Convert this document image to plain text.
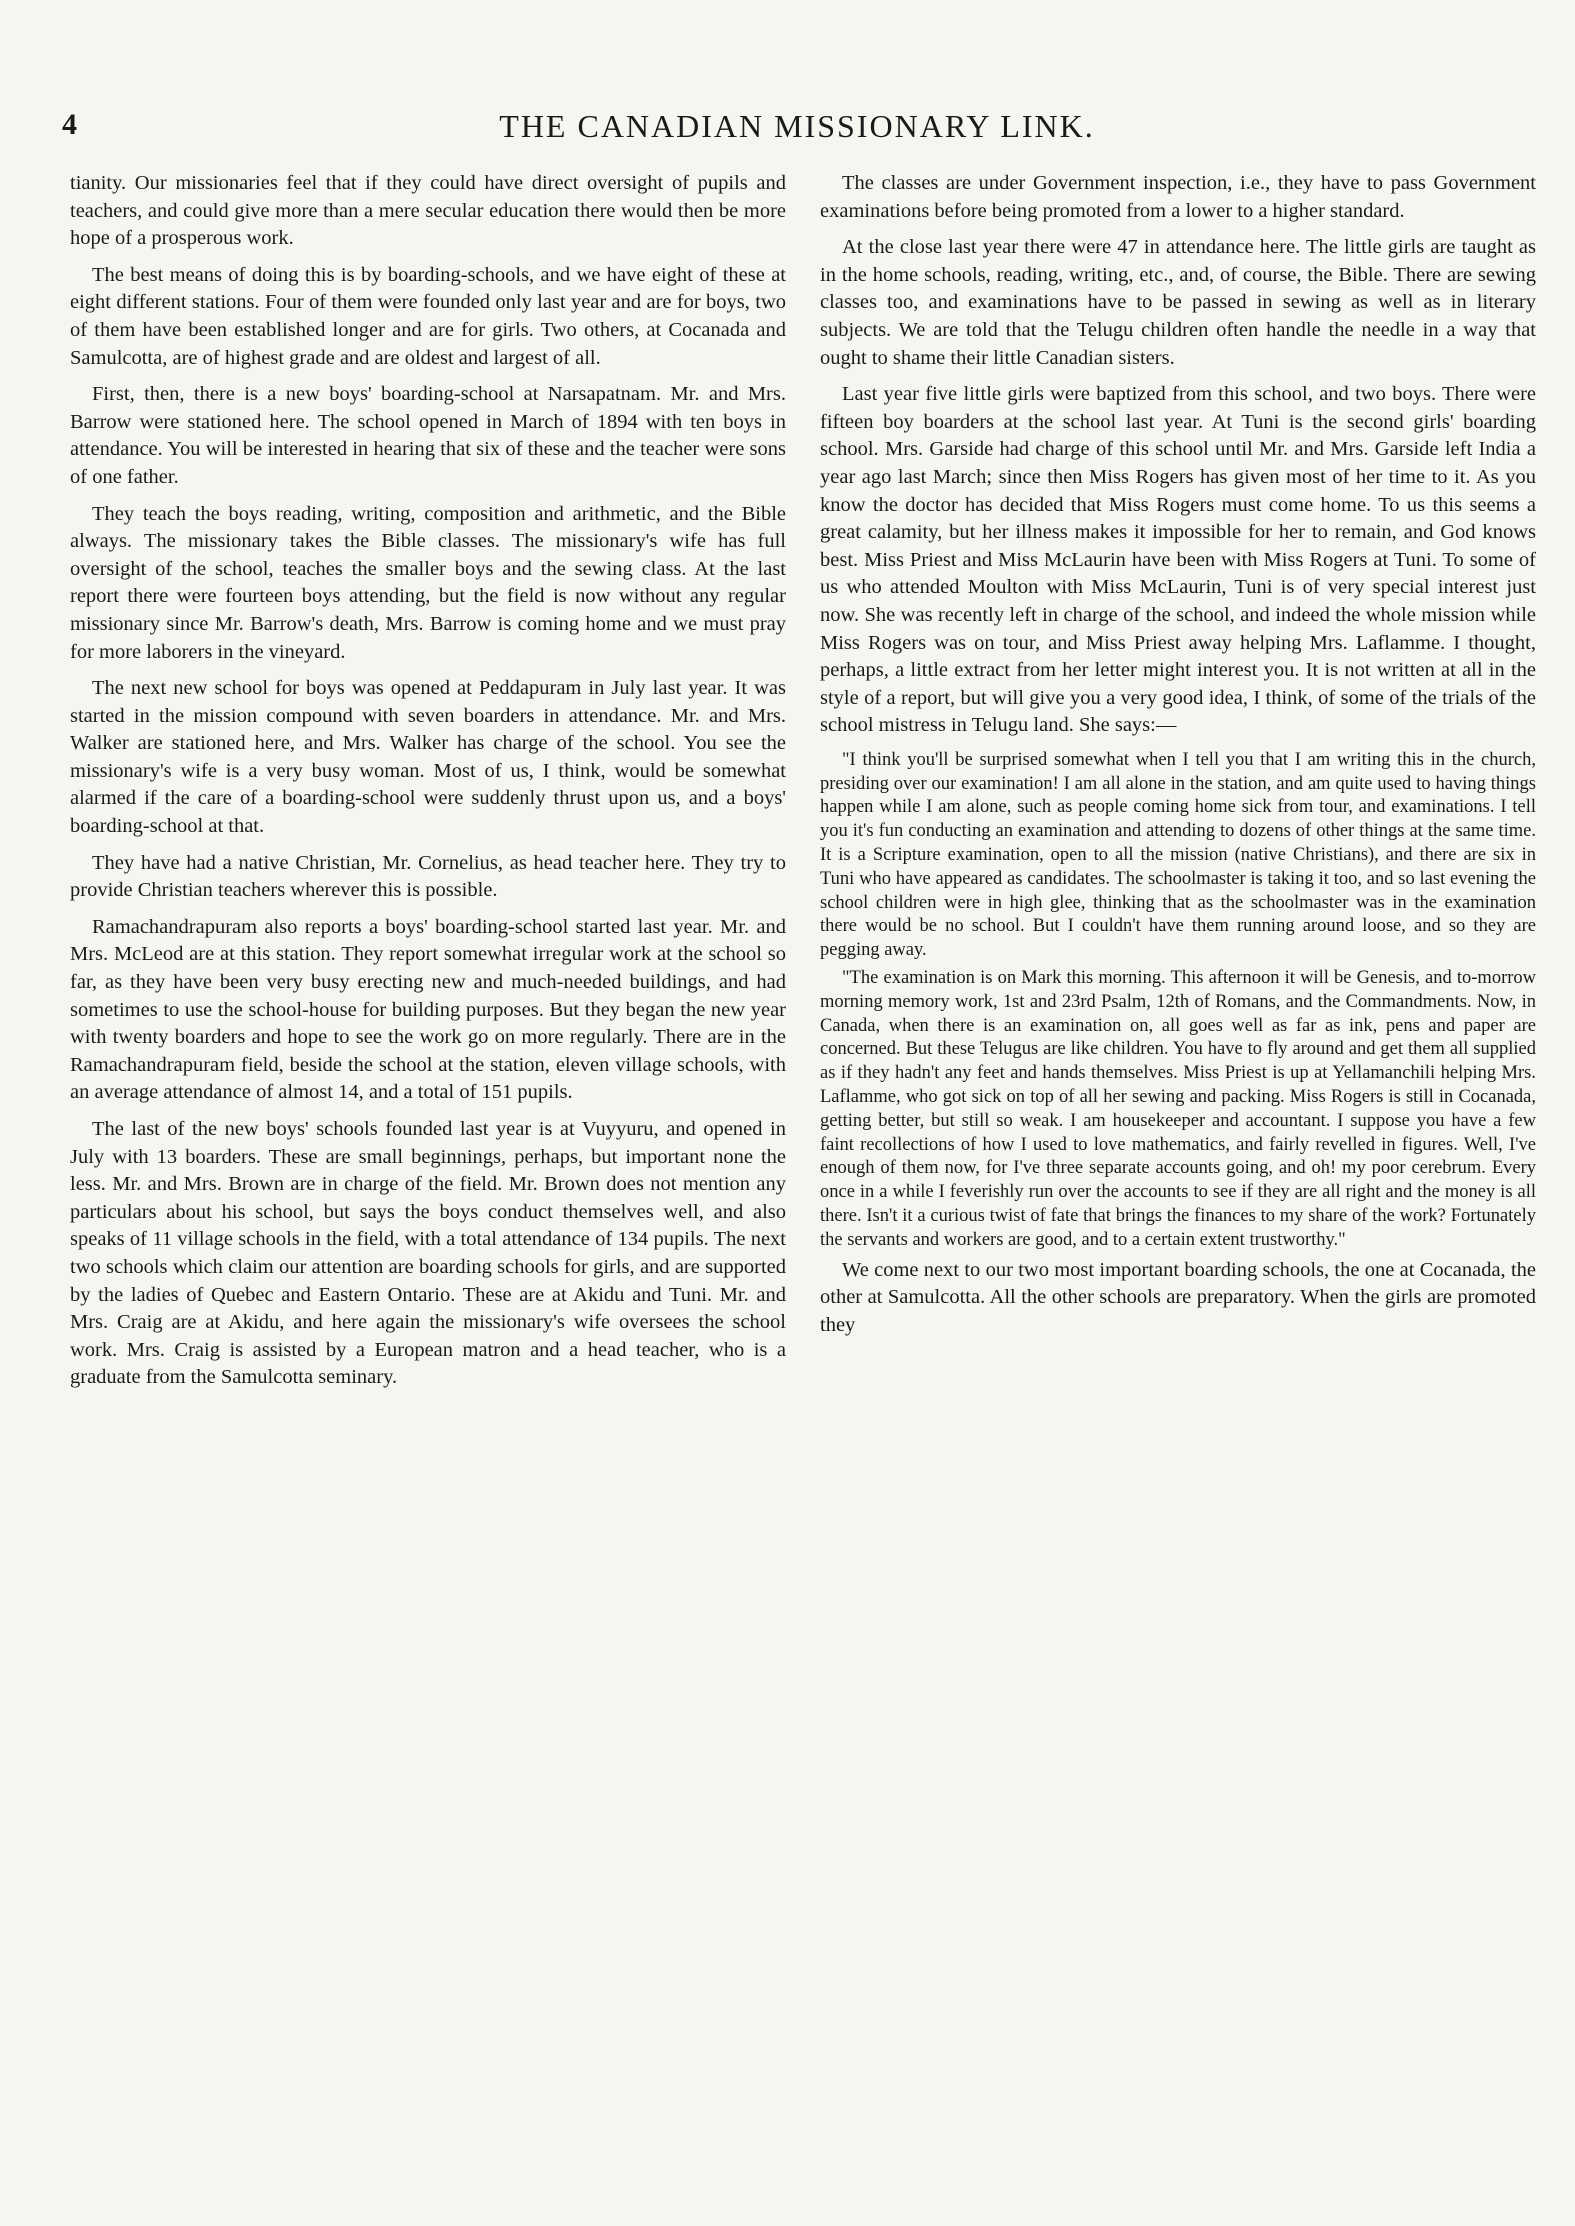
4	THE CANADIAN MISSIONARY LINK.

tianity. Our missionaries feel that if they could have direct oversight of pupils and teachers, and could give more than a mere secular education there would then be more hope of a prosperous work.

The best means of doing this is by boarding-schools, and we have eight of these at eight different stations. Four of them were founded only last year and are for boys, two of them have been established longer and are for girls. Two others, at Cocanada and Samulcotta, are of highest grade and are oldest and largest of all.

First, then, there is a new boys' boarding-school at Narsapatnam. Mr. and Mrs. Barrow were stationed here. The school opened in March of 1894 with ten boys in attendance. You will be interested in hearing that six of these and the teacher were sons of one father.

They teach the boys reading, writing, composition and arithmetic, and the Bible always. The missionary takes the Bible classes. The missionary's wife has full oversight of the school, teaches the smaller boys and the sewing class. At the last report there were fourteen boys attending, but the field is now without any regular missionary since Mr. Barrow's death, Mrs. Barrow is coming home and we must pray for more laborers in the vineyard.

The next new school for boys was opened at Peddapuram in July last year. It was started in the mission compound with seven boarders in attendance. Mr. and Mrs. Walker are stationed here, and Mrs. Walker has charge of the school. You see the missionary's wife is a very busy woman. Most of us, I think, would be somewhat alarmed if the care of a boarding-school were suddenly thrust upon us, and a boys' boarding-school at that.

They have had a native Christian, Mr. Cornelius, as head teacher here. They try to provide Christian teachers wherever this is possible.

Ramachandrapuram also reports a boys' boarding-school started last year. Mr. and Mrs. McLeod are at this station. They report somewhat irregular work at the school so far, as they have been very busy erecting new and much-needed buildings, and had sometimes to use the school-house for building purposes. But they began the new year with twenty boarders and hope to see the work go on more regularly. There are in the Ramachandrapuram field, beside the school at the station, eleven village schools, with an average attendance of almost 14, and a total of 151 pupils.

The last of the new boys' schools founded last year is at Vuyyuru, and opened in July with 13 boarders. These are small beginnings, perhaps, but important none the less. Mr. and Mrs. Brown are in charge of the field. Mr. Brown does not mention any particulars about his school, but says the boys conduct themselves well, and also speaks of 11 village schools in the field, with a total attendance of 134 pupils. The next two schools which claim our attention are boarding schools for girls, and are supported by the ladies of Quebec and Eastern Ontario. These are at Akidu and Tuni. Mr. and Mrs. Craig are at Akidu, and here again the missionary's wife oversees the school work. Mrs. Craig is assisted by a European matron and a head teacher, who is a graduate from the Samulcotta seminary.

The classes are under Government inspection, i.e., they have to pass Government examinations before being promoted from a lower to a higher standard.

At the close last year there were 47 in attendance here. The little girls are taught as in the home schools, reading, writing, etc., and, of course, the Bible. There are sewing classes too, and examinations have to be passed in sewing as well as in literary subjects. We are told that the Telugu children often handle the needle in a way that ought to shame their little Canadian sisters.

Last year five little girls were baptized from this school, and two boys. There were fifteen boy boarders at the school last year. At Tuni is the second girls' boarding school. Mrs. Garside had charge of this school until Mr. and Mrs. Garside left India a year ago last March; since then Miss Rogers has given most of her time to it. As you know the doctor has decided that Miss Rogers must come home. To us this seems a great calamity, but her illness makes it impossible for her to remain, and God knows best. Miss Priest and Miss McLaurin have been with Miss Rogers at Tuni. To some of us who attended Moulton with Miss McLaurin, Tuni is of very special interest just now. She was recently left in charge of the school, and indeed the whole mission while Miss Rogers was on tour, and Miss Priest away helping Mrs. Laflamme. I thought, perhaps, a little extract from her letter might interest you. It is not written at all in the style of a report, but will give you a very good idea, I think, of some of the trials of the school mistress in Telugu land. She says:—

"I think you'll be surprised somewhat when I tell you that I am writing this in the church, presiding over our examination! I am all alone in the station, and am quite used to having things happen while I am alone, such as people coming home sick from tour, and examinations. I tell you it's fun conducting an examination and attending to dozens of other things at the same time. It is a Scripture examination, open to all the mission (native Christians), and there are six in Tuni who have appeared as candidates. The schoolmaster is taking it too, and so last evening the school children were in high glee, thinking that as the schoolmaster was in the examination there would be no school. But I couldn't have them running around loose, and so they are pegging away.

"The examination is on Mark this morning. This afternoon it will be Genesis, and to-morrow morning memory work, 1st and 23rd Psalm, 12th of Romans, and the Commandments. Now, in Canada, when there is an examination on, all goes well as far as ink, pens and paper are concerned. But these Telugus are like children. You have to fly around and get them all supplied as if they hadn't any feet and hands themselves. Miss Priest is up at Yellamanchili helping Mrs. Laflamme, who got sick on top of all her sewing and packing. Miss Rogers is still in Cocanada, getting better, but still so weak. I am housekeeper and accountant. I suppose you have a few faint recollections of how I used to love mathematics, and fairly revelled in figures. Well, I've enough of them now, for I've three separate accounts going, and oh! my poor cerebrum. Every once in a while I feverishly run over the accounts to see if they are all right and the money is all there. Isn't it a curious twist of fate that brings the finances to my share of the work? Fortunately the servants and workers are good, and to a certain extent trustworthy."

We come next to our two most important boarding schools, the one at Cocanada, the other at Samulcotta. All the other schools are preparatory. When the girls are promoted they
